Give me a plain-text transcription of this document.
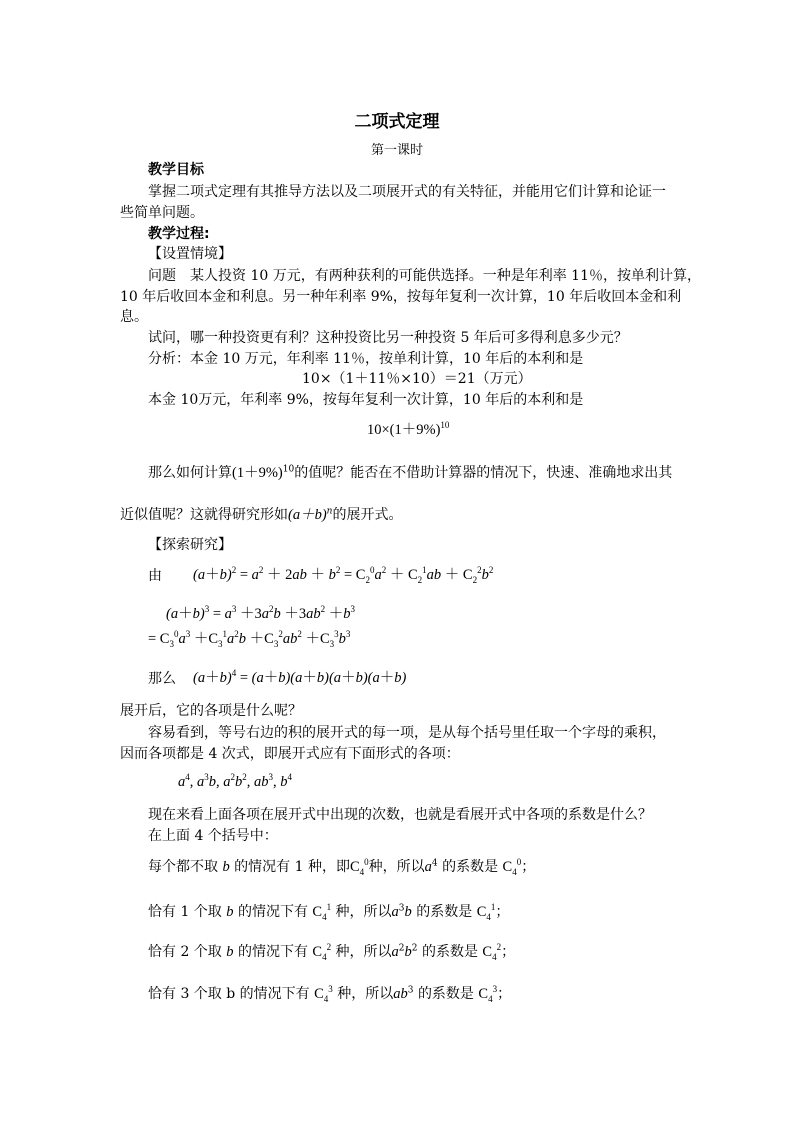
二项式定理
第一课时
教学目标
掌握二项式定理有其推导方法以及二项展开式的有关特征，并能用它们计算和论证一
些简单问题。
教学过程:
【设置情境】
问题　某人投资 10 万元，有两种获利的可能供选择。一种是年利率 11％，按单利计算，
10 年后收回本金和利息。另一种年利率 9%，按每年复利一次计算，10 年后收回本金和利
息。
试问，哪一种投资更有利？这种投资比另一种投资 5 年后可多得利息多少元？
分析：本金 10 万元，年利率 11％，按单利计算，10 年后的本利和是
10×（1＋11％×10）＝21（万元）
本金 10万元，年利率 9%，按每年复利一次计算，10 年后的本利和是
$10\times(1+9\%)^{10}$
那么如何计算$(1+9\%)^{10}$的值呢？能否在不借助计算器的情况下，快速、准确地求出其
近似值呢？这就得研究形如$(a+b)^n$的展开式。
【探索研究】
由 $(a+b)^2 = a^2 + 2ab + b^2 = C_2^0a^2 + C_2^1ab + C_2^2b^2$
$(a+b)^3 = a^3 +3a^2b +3ab^2 +b^3$
= $C_3^0a^3 +C_3^1a^2b +C_3^2ab^2 +C_3^3b^3$
那么 $(a+b)^4 = (a+b)(a+b)(a+b)(a+b)$
展开后，它的各项是什么呢？
容易看到，等号右边的积的展开式的每一项，是从每个括号里任取一个字母的乘积，
因而各项都是 4 次式，即展开式应有下面形式的各项：
$a^4$, $a^3b$, $a^2b^2$, $ab^3$, $b^4$
现在来看上面各项在展开式中出现的次数，也就是看展开式中各项的系数是什么？
在上面 4 个括号中：
每个都不取 b 的情况有 1 种，即$C_4^0$种，所以$a^4$ 的系数是 $C_4^0$；
恰有 1 个取 b 的情况下有 $C_4^1$ 种，所以$a^3b$ 的系数是 $C_4^1$；
恰有 2 个取 b 的情况下有 $C_4^2$ 种，所以$a^2b^2$ 的系数是 $C_4^2$；
恰有 3 个取 b 的情况下有 $C_4^3$ 种，所以$ab^3$ 的系数是 $C_4^3$；
